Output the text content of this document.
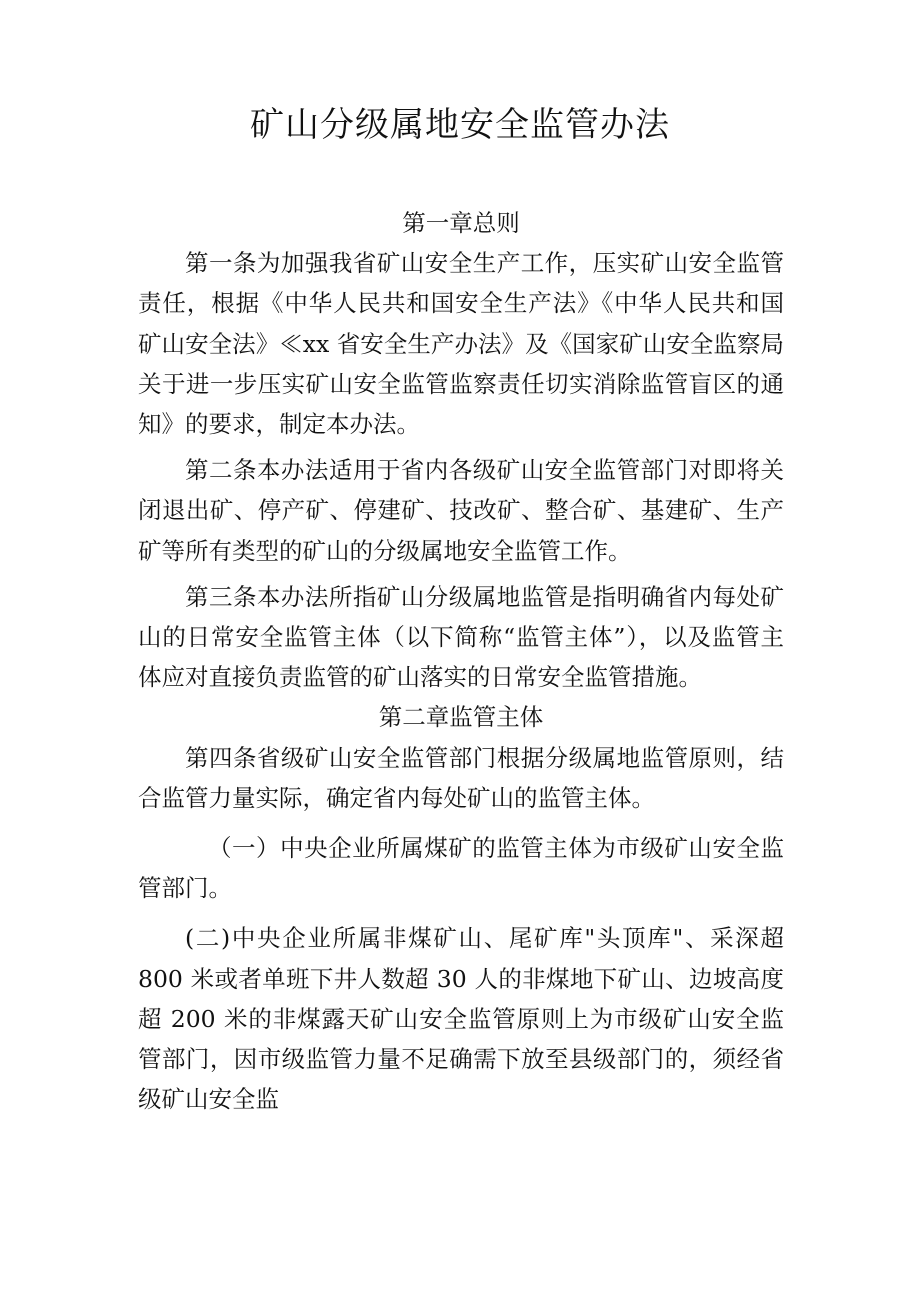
矿山分级属地安全监管办法

第一章总则

第一条为加强我省矿山安全生产工作，压实矿山安全监管责任，根据《中华人民共和国安全生产法》《中华人民共和国矿山安全法》≪xx 省安全生产办法》及《国家矿山安全监察局关于进一步压实矿山安全监管监察责任切实消除监管盲区的通知》的要求，制定本办法。

第二条本办法适用于省内各级矿山安全监管部门对即将关闭退出矿、停产矿、停建矿、技改矿、整合矿、基建矿、生产矿等所有类型的矿山的分级属地安全监管工作。

第三条本办法所指矿山分级属地监管是指明确省内每处矿山的日常安全监管主体（以下简称“监管主体”），以及监管主体应对直接负责监管的矿山落实的日常安全监管措施。

第二章监管主体

第四条省级矿山安全监管部门根据分级属地监管原则，结合监管力量实际，确定省内每处矿山的监管主体。

（一）中央企业所属煤矿的监管主体为市级矿山安全监管部门。

(二)中央企业所属非煤矿山、尾矿库"头顶库"、采深超 800 米或者单班下井人数超 30 人的非煤地下矿山、边坡高度超 200 米的非煤露天矿山安全监管原则上为市级矿山安全监管部门，因市级监管力量不足确需下放至县级部门的，须经省级矿山安全监
